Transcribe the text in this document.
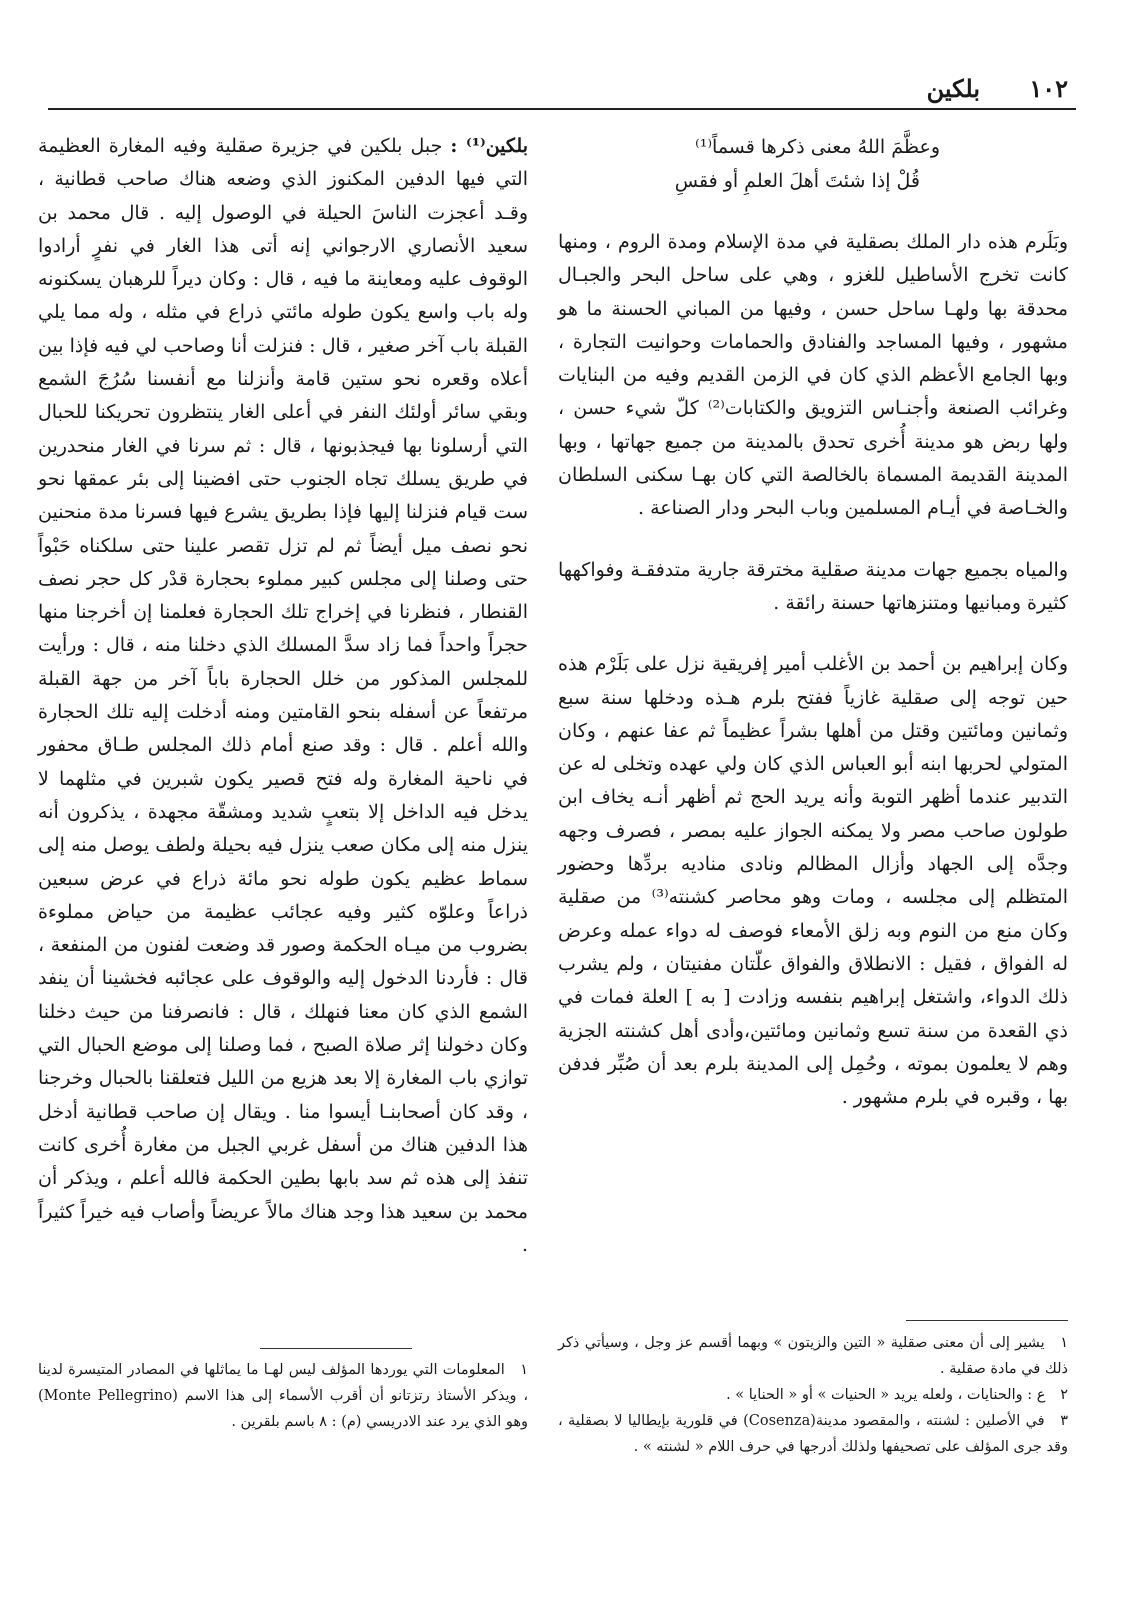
١٠٢
بلكين
وعظَّمَ اللهُ معنى ذكرها قسماً⁽¹⁾
قُلْ إذا شئتَ أهلَ العلمِ أو فقسِ

وبَلَرم هذه دار الملك بصقلية في مدة الإسلام ومدة الروم ، ومنها كانت تخرج الأساطيل للغزو ، وهي على ساحل البحر والجبـال محدقة بها ولهـا ساحل حسن ، وفيها من المباني الحسنة ما هو مشهور ، وفيها المساجد والفنادق والحمامات وحوانيت التجارة ، وبها الجامع الأعظم الذي كان في الزمن القديم وفيه من البنايات وغرائب الصنعة وأجنـاس التزويق والكتابات⁽²⁾ كلّ شيء حسن ، ولها ربض هو مدينة أُخرى تحدق بالمدينة من جميع جهاتها ، وبها المدينة القديمة المسماة بالخالصة التي كان بهـا سكنى السلطان والخـاصة في أيـام المسلمين وباب البحر ودار الصناعة .

والمياه بجميع جهات مدينة صقلية مخترقة جارية متدفقـة وفواكهها كثيرة ومبانيها ومتنزهاتها حسنة رائقة .

وكان إبراهيم بن أحمد بن الأغلب أمير إفريقية نزل على بَلَرْم هذه حين توجه إلى صقلية غازياً ففتح بلرم هـذه ودخلها سنة سبع وثمانين ومائتين وقتل من أهلها بشراً عظيماً ثم عفا عنهم ، وكان المتولي لحربها ابنه أبو العباس الذي كان ولي عهده وتخلى له عن التدبير عندما أظهر التوبة وأنه يريد الحج ثم أظهر أنـه يخاف ابن طولون صاحب مصر ولا يمكنه الجواز عليه بمصر ، فصرف وجهه وجدَّه إلى الجهاد وأزال المظالم ونادى مناديه بردِّها وحضور المتظلم إلى مجلسه ، ومات وهو محاصر كشنته⁽³⁾ من صقلية وكان منع من النوم وبه زلق الأمعاء فوصف له دواء عمله وعرض له الفواق ، فقيل : الانطلاق والفواق علّتان مفنيتان ، ولم يشرب ذلك الدواء، واشتغل إبراهيم بنفسه وزادت [ به ] العلة فمات في ذي القعدة من سنة تسع وثمانين ومائتين،وأدى أهل كشنته الجزية وهم لا يعلمون بموته ، وحُمِل إلى المدينة بلرم بعد أن صُبِّر فدفن بها ، وقبره في بلرم مشهور .

بلكين⁽¹⁾ : جبل بلكين في جزيرة صقلية وفيه المغارة العظيمة التي فيها الدفين المكنوز الذي وضعه هناك صاحب قطانية ، وقـد أعجزت الناسَ الحيلة في الوصول إليه . قال محمد بن سعيد الأنصاري الارجواني إنه أتى هذا الغار في نفرٍ أرادوا الوقوف عليه ومعاينة ما فيه ، قال : وكان ديراً للرهبان يسكنونه وله باب واسع يكون طوله مائتي ذراع في مثله ، وله مما يلي القبلة باب آخر صغير ، قال : فنزلت أنا وصاحب لي فيه فإذا بين أعلاه وقعره نحو ستين قامة وأنزلنا مع أنفسنا سُرُجَ الشمع وبقي سائر أولئك النفر في أعلى الغار ينتظرون تحريكنا للحبال التي أرسلونا بها فيجذبونها ، قال : ثم سرنا في الغار منحدرين في طريق يسلك تجاه الجنوب حتى افضينا إلى بئر عمقها نحو ست قيام فنزلنا إليها فإذا بطريق يشرع فيها فسرنا مدة منحنين نحو نصف ميل أيضاً ثم لم تزل تقصر علينا حتى سلكناه حَبْواً حتى وصلنا إلى مجلس كبير مملوء بحجارة قدْر كل حجر نصف القنطار ، فنظرنا في إخراج تلك الحجارة فعلمنا إن أخرجنا منها حجراً واحداً فما زاد سدَّ المسلك الذي دخلنا منه ، قال : ورأيت للمجلس المذكور من خلل الحجارة باباً آخر من جهة القبلة مرتفعاً عن أسفله بنحو القامتين ومنه أدخلت إليه تلك الحجارة والله أعلم . قال : وقد صنع أمام ذلك المجلس طـاق محفور في ناحية المغارة وله فتح قصير يكون شبرين في مثلهما لا يدخل فيه الداخل إلا بتعبٍ شديد ومشقّة مجهدة ، يذكرون أنه ينزل منه إلى مكان صعب ينزل فيه بحيلة ولطف يوصل منه إلى سماط عظيم يكون طوله نحو مائة ذراع في عرض سبعين ذراعاً وعلوّه كثير وفيه عجائب عظيمة من حياض مملوءة بضروب من ميـاه الحكمة وصور قد وضعت لفنون من المنفعة ، قال : فأردنا الدخول إليه والوقوف على عجائبه فخشينا أن ينفد الشمع الذي كان معنا فنهلك ، قال : فانصرفنا من حيث دخلنا وكان دخولنا إثر صلاة الصبح ، فما وصلنا إلى موضع الحبال التي توازي باب المغارة إلا بعد هزيع من الليل فتعلقنا بالحبال وخرجنا ، وقد كان أصحابنـا أيسوا منا . ويقال إن صاحب قطانية أدخل هذا الدفين هناك من أسفل غربي الجبل من مغارة أُخرى كانت تنفذ إلى هذه ثم سد بابها بطين الحكمة فالله أعلم ، ويذكر أن محمد بن سعيد هذا وجد هناك مالاً عريضاً وأصاب فيه خيراً كثيراً .

١ يشير إلى أن معنى صقلية « التين والزيتون » وبهما أقسم عز وجل ، وسيأتي ذكر ذلك في مادة صقلية .

٢ ع : والحنايات ، ولعله يريد « الحنيات » أو « الحنايا » .

٣ في الأصلين : لشنته ، والمقصود مدينة(Cosenza) في قلورية بإيطاليا لا بصقلية ، وقد جرى المؤلف على تصحيفها ولذلك أدرجها في حرف اللام « لشنته » .

١ المعلومات التي يوردها المؤلف ليس لهـا ما يماثلها في المصادر المتيسرة لدينا ، ويذكر الأستاذ رتزتانو أن أقرب الأسماء إلى هذا الاسم (Monte Pellegrino) وهو الذي يرد عند الادريسي (م) : ٨ باسم بلقرين .
